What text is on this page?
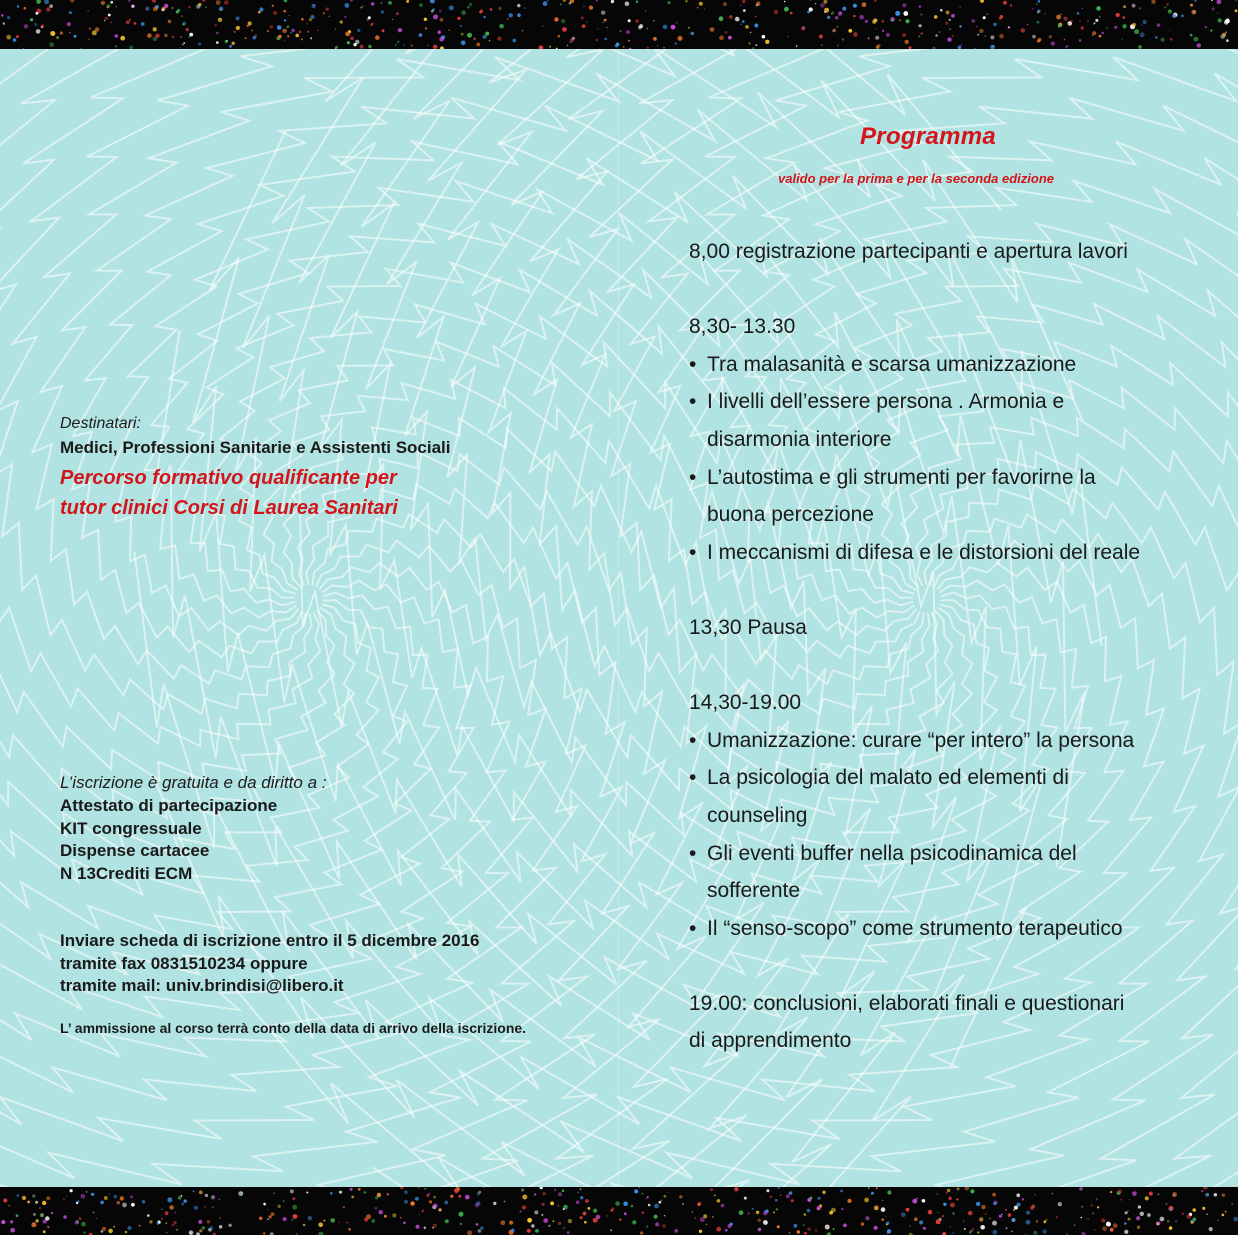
Destinatari:
Medici, Professioni Sanitarie e Assistenti Sociali
Percorso formativo qualificante per
tutor clinici Corsi di Laurea Sanitari
L’iscrizione è gratuita e da diritto a :
Attestato di partecipazione
KIT congressuale
Dispense cartacee
N 13Crediti ECM
Inviare scheda di iscrizione entro il 5 dicembre 2016
tramite fax 0831510234 oppure
tramite mail: univ.brindisi@libero.it
L’ ammissione al corso terrà conto della data di arrivo della iscrizione.
Programma
valido per la prima e per la seconda edizione
8,00 registrazione partecipanti e apertura lavori

8,30- 13.30
• Tra malasanità e scarsa umanizzazione
• I livelli dell’essere persona . Armonia e
disarmonia interiore
• L’autostima e gli strumenti per favorirne la
buona percezione
• I meccanismi di difesa e le distorsioni del reale

13,30 Pausa

14,30-19.00
• Umanizzazione: curare “per intero” la persona
• La psicologia del malato ed elementi di
counseling
• Gli eventi buffer nella psicodinamica del
sofferente
• Il “senso-scopo” come strumento terapeutico

19.00: conclusioni, elaborati finali e questionari
di apprendimento
